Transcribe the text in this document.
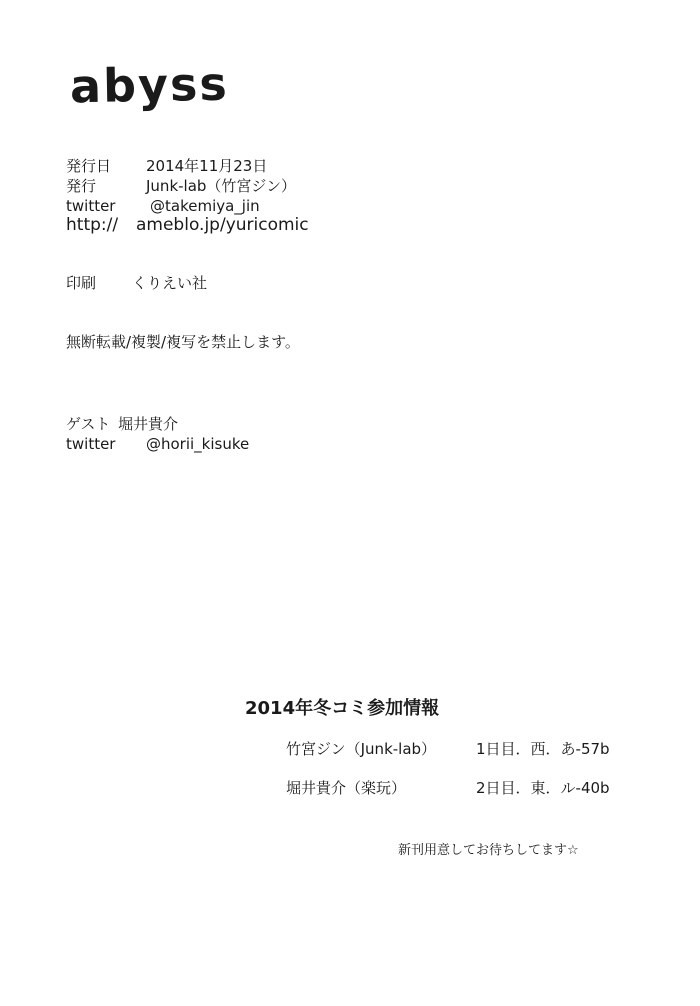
abyss
発行日	2014年11月23日
発行	Junk-lab（竹宮ジン）
twitter	@takemiya_jin
http://	ameblo.jp/yuricomic
印刷	くりえい社
無断転載/複製/複写を禁止します。
ゲスト 堀井貴介
twitter	@horii_kisuke
2014年冬コミ参加情報
竹宮ジン（Junk-lab）	1日目．西．あ-57b
堀井貴介（楽玩）	2日目．東．ル-40b
新刊用意してお待ちしてます☆
